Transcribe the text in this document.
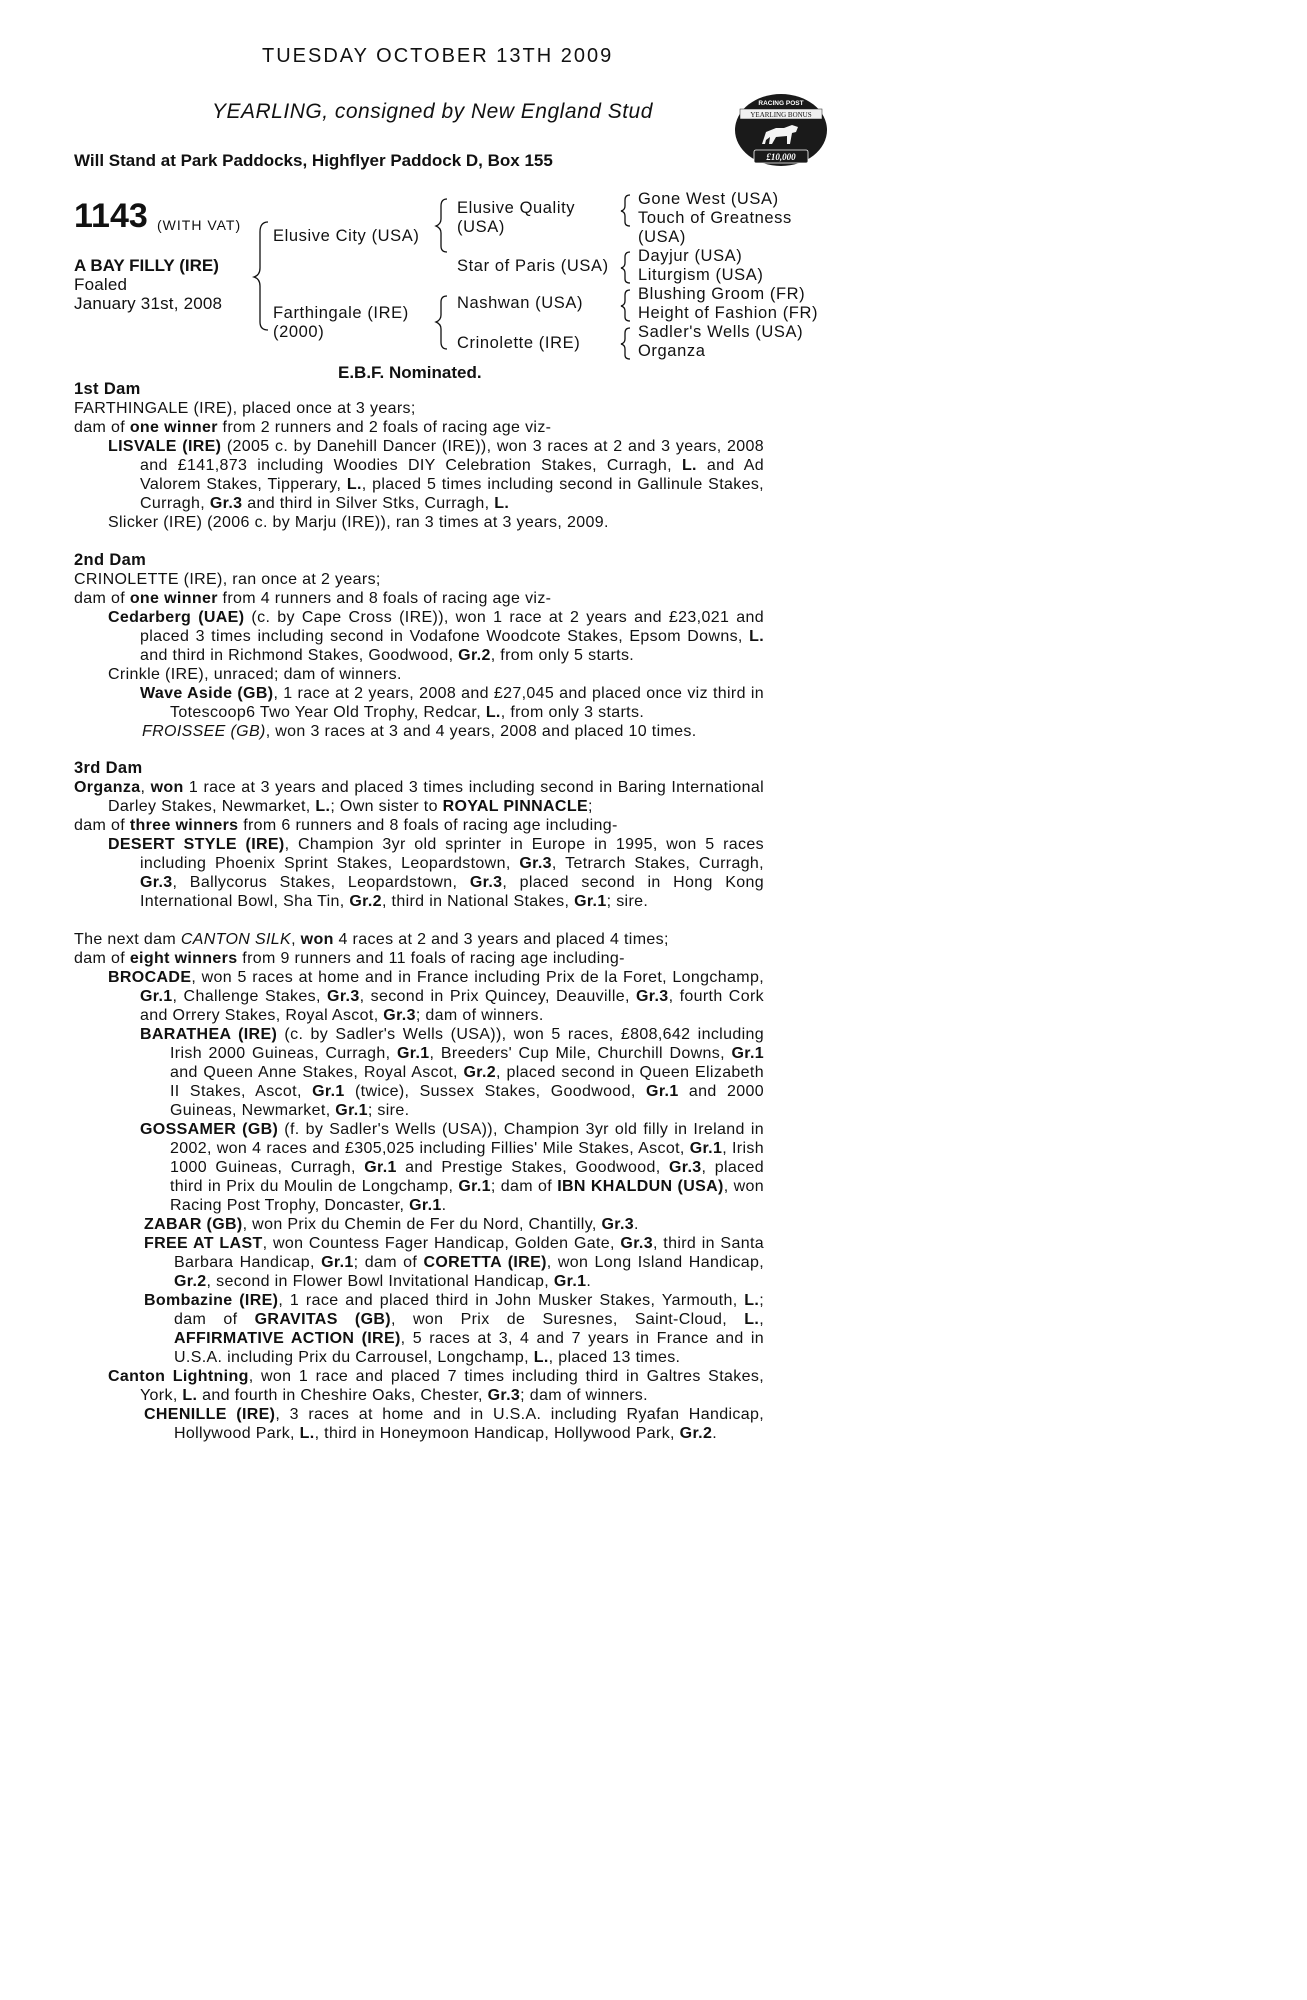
TUESDAY OCTOBER 13TH 2009
YEARLING, consigned by New England Stud
Will Stand at Park Paddocks, Highflyer Paddock D, Box 155
RACING POST
YEARLING BONUS
£10,000
1143 (WITH VAT)
A BAY FILLY (IRE)
Foaled
January 31st, 2008
Elusive City (USA)
Farthingale (IRE)
(2000)
Elusive Quality
(USA)
Star of Paris (USA)
Nashwan (USA)
Crinolette (IRE)
Gone West (USA)
Touch of Greatness
(USA)
Dayjur (USA)
Liturgism (USA)
Blushing Groom (FR)
Height of Fashion (FR)
Sadler's Wells (USA)
Organza
E.B.F. Nominated.
1st Dam

FARTHINGALE (IRE), placed once at 3 years;

dam of one winner from 2 runners and 2 foals of racing age viz-

LISVALE (IRE) (2005 c. by Danehill Dancer (IRE)), won 3 races at 2 and 3 years, 2008 and £141,873 including Woodies DIY Celebration Stakes, Curragh, L. and Ad Valorem Stakes, Tipperary, L., placed 5 times including second in Gallinule Stakes, Curragh, Gr.3 and third in Silver Stks, Curragh, L.

Slicker (IRE) (2006 c. by Marju (IRE)), ran 3 times at 3 years, 2009.

2nd Dam

CRINOLETTE (IRE), ran once at 2 years;

dam of one winner from 4 runners and 8 foals of racing age viz-

Cedarberg (UAE) (c. by Cape Cross (IRE)), won 1 race at 2 years and £23,021 and placed 3 times including second in Vodafone Woodcote Stakes, Epsom Downs, L. and third in Richmond Stakes, Goodwood, Gr.2, from only 5 starts.

Crinkle (IRE), unraced; dam of winners.

Wave Aside (GB), 1 race at 2 years, 2008 and £27,045 and placed once viz third in Totescoop6 Two Year Old Trophy, Redcar, L., from only 3 starts.

FROISSEE (GB), won 3 races at 3 and 4 years, 2008 and placed 10 times.

3rd Dam

Organza, won 1 race at 3 years and placed 3 times including second in Baring International Darley Stakes, Newmarket, L.; Own sister to ROYAL PINNACLE;

dam of three winners from 6 runners and 8 foals of racing age including-

DESERT STYLE (IRE), Champion 3yr old sprinter in Europe in 1995, won 5 races including Phoenix Sprint Stakes, Leopardstown, Gr.3, Tetrarch Stakes, Curragh, Gr.3, Ballycorus Stakes, Leopardstown, Gr.3, placed second in Hong Kong International Bowl, Sha Tin, Gr.2, third in National Stakes, Gr.1; sire.

The next dam CANTON SILK, won 4 races at 2 and 3 years and placed 4 times;

dam of eight winners from 9 runners and 11 foals of racing age including-

BROCADE, won 5 races at home and in France including Prix de la Foret, Longchamp, Gr.1, Challenge Stakes, Gr.3, second in Prix Quincey, Deauville, Gr.3, fourth Cork and Orrery Stakes, Royal Ascot, Gr.3; dam of winners.

BARATHEA (IRE) (c. by Sadler's Wells (USA)), won 5 races, £808,642 including Irish 2000 Guineas, Curragh, Gr.1, Breeders' Cup Mile, Churchill Downs, Gr.1 and Queen Anne Stakes, Royal Ascot, Gr.2, placed second in Queen Elizabeth II Stakes, Ascot, Gr.1 (twice), Sussex Stakes, Goodwood, Gr.1 and 2000 Guineas, Newmarket, Gr.1; sire.

GOSSAMER (GB) (f. by Sadler's Wells (USA)), Champion 3yr old filly in Ireland in 2002, won 4 races and £305,025 including Fillies' Mile Stakes, Ascot, Gr.1, Irish 1000 Guineas, Curragh, Gr.1 and Prestige Stakes, Goodwood, Gr.3, placed third in Prix du Moulin de Longchamp, Gr.1; dam of IBN KHALDUN (USA), won Racing Post Trophy, Doncaster, Gr.1.

ZABAR (GB), won Prix du Chemin de Fer du Nord, Chantilly, Gr.3.

FREE AT LAST, won Countess Fager Handicap, Golden Gate, Gr.3, third in Santa Barbara Handicap, Gr.1; dam of CORETTA (IRE), won Long Island Handicap, Gr.2, second in Flower Bowl Invitational Handicap, Gr.1.

Bombazine (IRE), 1 race and placed third in John Musker Stakes, Yarmouth, L.; dam of GRAVITAS (GB), won Prix de Suresnes, Saint-Cloud, L., AFFIRMATIVE ACTION (IRE), 5 races at 3, 4 and 7 years in France and in U.S.A. including Prix du Carrousel, Longchamp, L., placed 13 times.

Canton Lightning, won 1 race and placed 7 times including third in Galtres Stakes, York, L. and fourth in Cheshire Oaks, Chester, Gr.3; dam of winners.

CHENILLE (IRE), 3 races at home and in U.S.A. including Ryafan Handicap, Hollywood Park, L., third in Honeymoon Handicap, Hollywood Park, Gr.2.
